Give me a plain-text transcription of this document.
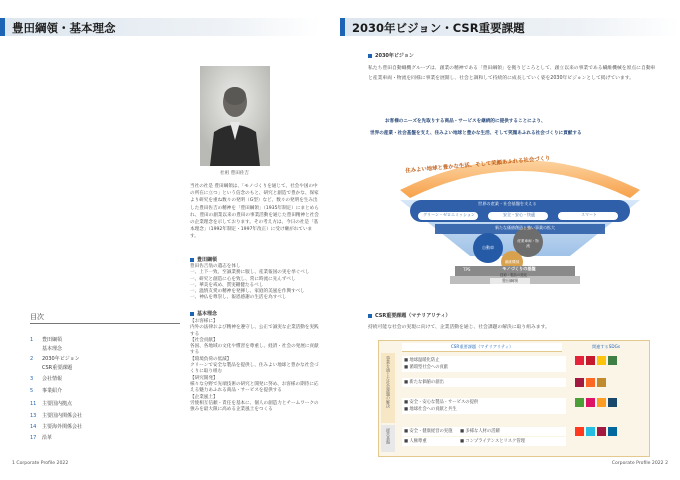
豊田綱領・基本理念
社祖 豊田佐吉
当社の社是 豊田綱領は、「モノづくりを通じて、社会や国の中の所在に立つ」という信念のもと、研究と創造で豊かな、保家より研究を重ね数々の発明（G型）など、数々の発明を生み出した豊田佐吉の精神を「豊田綱領」（1935年制定）にまとめられ、豊田の創業以来の豊田の事業活動を通じた豊田精神と社会の企業理念を示しております。その考え方は、今日の社是「基本理念」（1992年制定・1997年改正）に受け継がれています。
豊田綱領
豊田佐吉翁の遺志を体し
一、上下一致、至誠業務に服し、産業報国の実を挙ぐべし
一、研究と創造に心を致し、常に時流に先んずべし
一、華美を戒め、質実剛健たるべし
一、温情友愛の精神を発揮し、家庭的美風を作興すべし
一、神仏を尊崇し、報恩感謝の生活を為すべし
基本理念
【お客様に】
内外の法律および精神を遵守し、公正で誠実な企業活動を実践する
【社会貢献】
各国、各地域の文化や慣習を尊重し、経済・社会の発展に貢献する
【環境負荷の低減】
クリーンで安全な製品を提供し、住みよい地球と豊かな社会づくりに取り組む
【研究開発】
様々な分野で先端技術の研究と開発に努め、お客様の期待に応える魅力あふれる商品・サービスを提供する
【企業風土】
労使相互信頼・責任を基本に、個人の創造力とチームワークの強みを最大限に高める企業風土をつくる
目次
1 豊田綱領
基本理念
2 2030年ビジョン
CSR重要課題
3 会社情報
5 事業紹介
11 主要国内拠点
13 主要国内関係会社
14 主要海外関係会社
17 沿革
1 Corporate Profile 2022
2030年ビジョン・CSR重要課題
2030年ビジョン
私たち豊田自動織機グループは、創業の精神である「豊田綱領」を拠りどころとして、創立以来の事業である繊維機械を原点に自動車と産業車両・物流を同様に事業を展開し、社会と調和して持続的に成長していく姿を2030年ビジョンとして掲げています。
お客様のニーズを先取りする商品・サービスを継続的に提供することにより、
世界の産業・社会基盤を支え、住みよい地球と豊かな生活、そして笑顔あふれる社会づくりに貢献する
住みよい地球と豊かな生活、そして笑顔あふれる社会づくり
世界の産業・社会基盤を支える
グリーン・ゼロエミッション	安全・安心・快適	スマート
新たな価値創造と強い事業の拡大
自動車
産業車両・物流
繊維機械
技術・製品の進化
TPS	モノづくりの基盤
豊田綱領
CSR重要課題（マテリアリティ）
持続可能な社会の実現に向けて、企業活動を通じ、社会課題の解決に取り組みます。
CSR重要課題（マテリアリティ）	関連するSDGs
事業を通じた社会課題の解決
経営基盤
■ 地球温暖化防止
■ 循環型社会への貢献
■ 新たな価値の創出
■ 安全・安心な製品・サービスの提供
■ 地球社会への貢献と共生
■ 安全・健康経営の実施
■ 人権尊重
■ 多様な人材の活躍
■ コンプライアンスとリスク管理
Corporate Profile 2022 2
